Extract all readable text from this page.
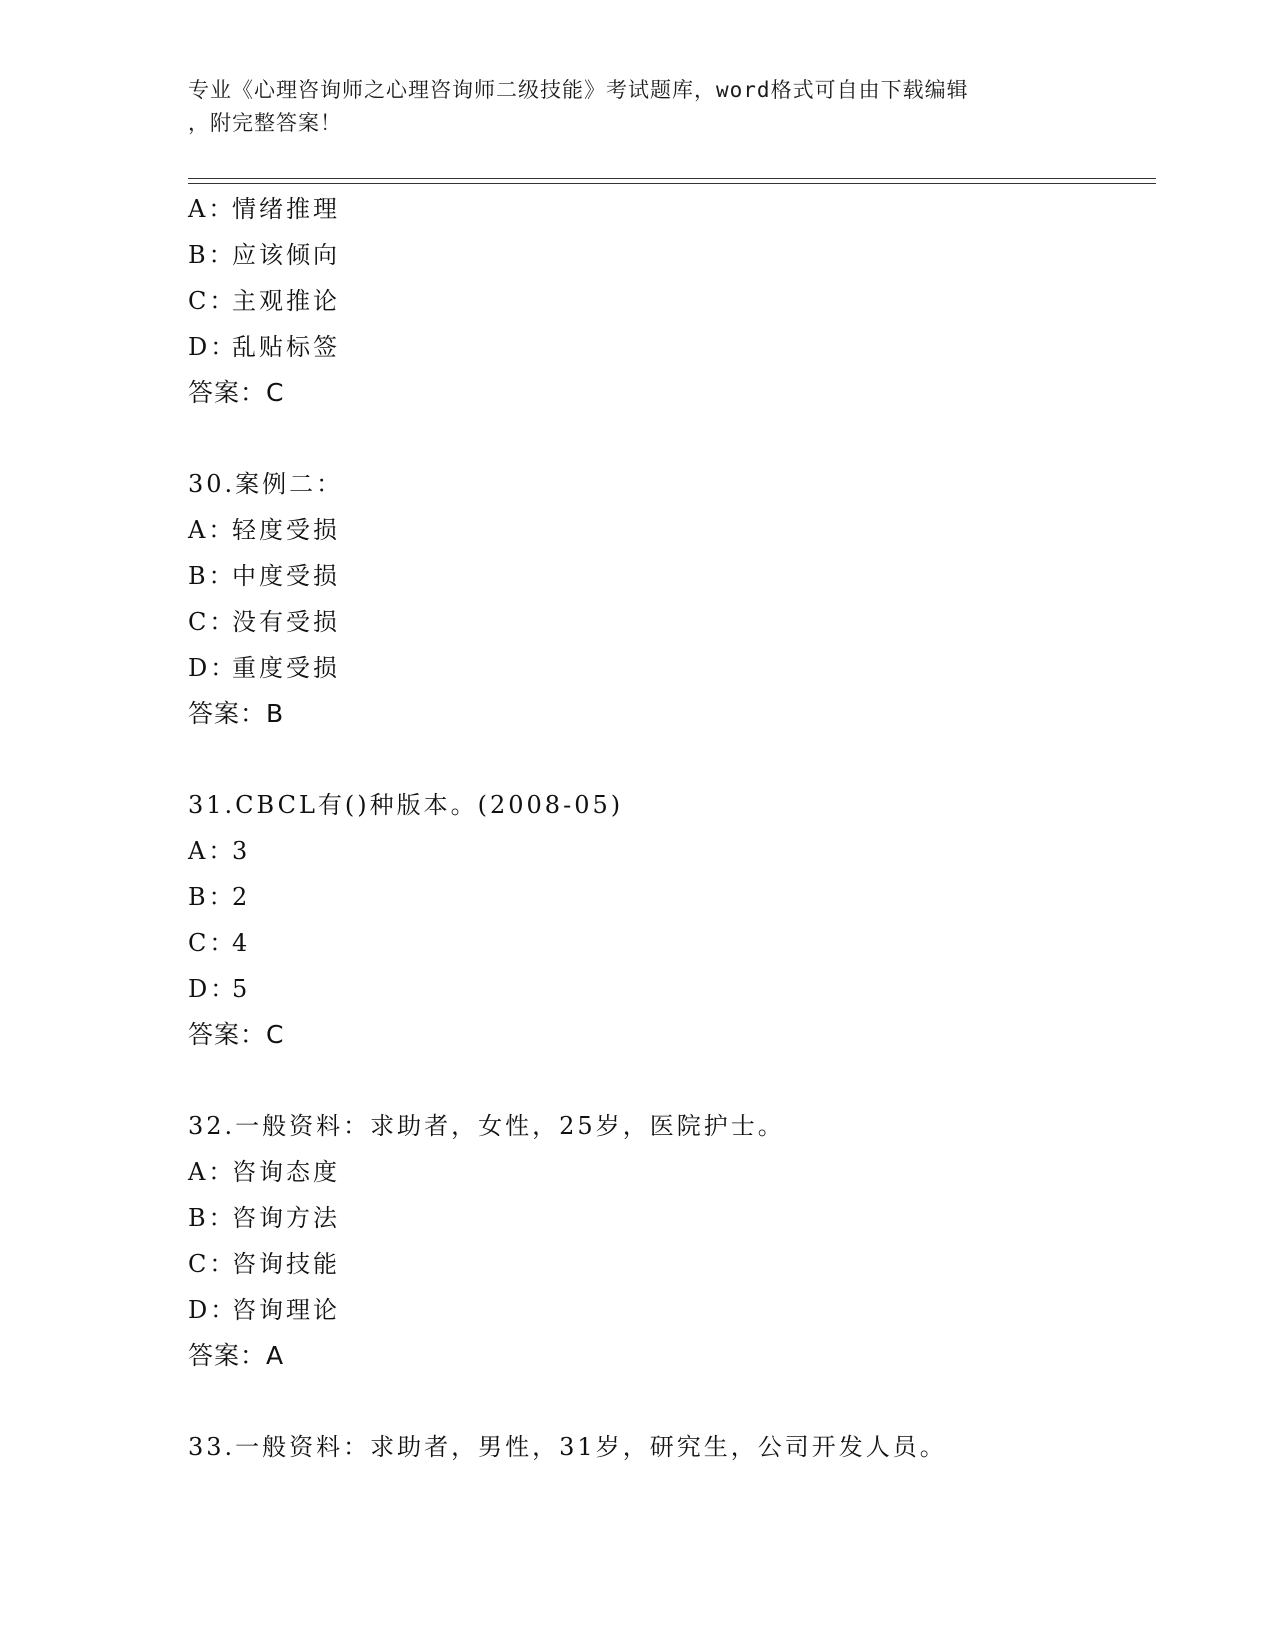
专业《心理咨询师之心理咨询师二级技能》考试题库，word格式可自由下载编辑
，附完整答案！
A：情绪推理
B：应该倾向
C：主观推论
D：乱贴标签
答案：C
30.案例二：
A：轻度受损
B：中度受损
C：没有受损
D：重度受损
答案：B
31.CBCL有()种版本。(2008-05)
A：3
B：2
C：4
D：5
答案：C
32.一般资料：求助者，女性，25岁，医院护士。
A：咨询态度
B：咨询方法
C：咨询技能
D：咨询理论
答案：A
33.一般资料：求助者，男性，31岁，研究生，公司开发人员。
